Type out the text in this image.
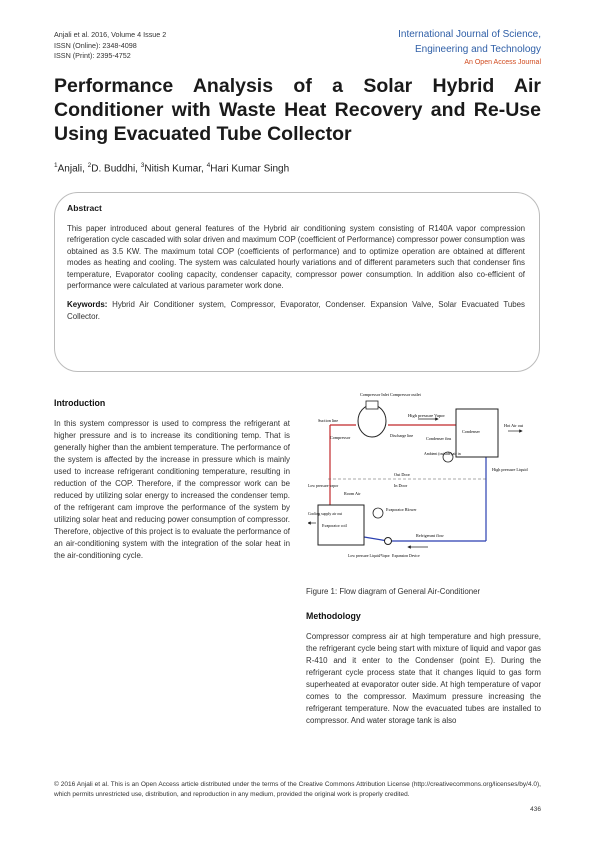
Anjali et al. 2016, Volume 4 Issue 2
ISSN (Online): 2348-4098
ISSN (Print): 2395-4752
International Journal of Science,
Engineering and Technology
An Open Access Journal
Performance Analysis of a Solar Hybrid Air Conditioner with Waste Heat Recovery and Re-Use Using Evacuated Tube Collector
$^1$Anjali, $^2$D. Buddhi, $^3$Nitish Kumar, $^4$Hari Kumar Singh
Abstract
This paper introduced about general features of the Hybrid air conditioning system consisting of R140A vapor compression refrigeration cycle cascaded with solar driven and maximum COP (coefficient of Performance) compressor power consumption was obtained as 3.5 KW. The maximum total COP (coefficients of performance) and to optimize operation are obtained at different modes as heating and cooling. The system was calculated hourly variations and of different parameters such that condenser fins temperature, Evaporator cooling capacity, condenser capacity, compressor power consumption. In addition also co-efficient of performance were calculated at various parameter work done.
Keywords: Hybrid Air Conditioner system, Compressor, Evaporator, Condenser. Expansion Valve, Solar Evacuated Tubes Collector.
Introduction
In this system compressor is used to compress the refrigerant at higher pressure and is to increase its conditioning temp. That is generally higher than the ambient temperature. The performance of the system is affected by the increase in pressure which is mainly used to increase refrigerant conditioning temperature, resulting in reduction of the COP. Therefore, if the compressor work can be reduced by utilizing solar energy to increased the condenser temp. of the refrigerant cam improve the performance of the system by utilizing solar heat and reducing power consumption of compressor. Therefore, objective of this project is to evaluate the performance of an air-conditioning system with the integration of the solar heat in the air-conditioning cycle.
Compressor Inlet Compressor outlet
Suction line
Compressor	Discharge line
High pressure Vapor
Condenser fins
Condenser
Hot Air out
Ambient (outside) air in
High pressure Liquid
Out Door
In Door
Low pressure vapor
Room Air
Cooling supply air out
Evaporator coil
Evaporator Blower
Refrigerant flow
Low pressure Liquid/Vapor Expansion Device
Figure 1: Flow diagram of General Air-Conditioner
Methodology
Compressor compress air at high temperature and high pressure, the refrigerant cycle being start with mixture of liquid and vapor gas R-410 and it enter to the Condenser (point E). During the refrigerant cycle process state that it changes liquid to gas form superheated at evaporator outer side. At high temperature of vapor comes to the compressor. Maximum pressure increasing the refrigerant temperature. Now the evacuated tubes are installed to compressor. And water storage tank is also
© 2016 Anjali et al. This is an Open Access article distributed under the terms of the Creative Commons Attribution License (http://creativecommons.org/licenses/by/4.0), which permits unrestricted use, distribution, and reproduction in any medium, provided the original work is properly credited.
436
